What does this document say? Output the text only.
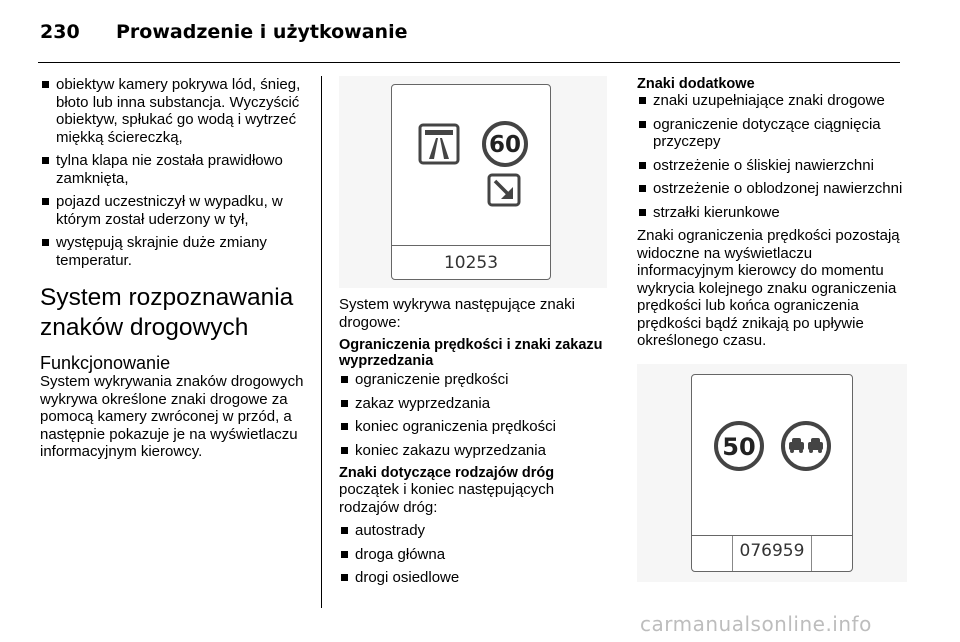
230	Prowadzenie i użytkowanie
obiektyw kamery pokrywa lód, śnieg, błoto lub inna substancja. Wyczyścić obiektyw, spłukać go wodą i wytrzeć miękką ściereczką,
tylna klapa nie została prawidłowo zamknięta,
pojazd uczestniczył w wypadku, w którym został uderzony w tył,
występują skrajnie duże zmiany temperatur.
System rozpoznawania znaków drogowych
Funkcjonowanie
System wykrywania znaków drogowych wykrywa określone znaki drogowe za pomocą kamery zwróconej w przód, a następnie pokazuje je na wyświetlaczu informacyjnym kierowcy.
60
10253
System wykrywa następujące znaki drogowe:
Ograniczenia prędkości i znaki zakazu wyprzedzania
ograniczenie prędkości
zakaz wyprzedzania
koniec ograniczenia prędkości
koniec zakazu wyprzedzania
Znaki dotyczące rodzajów dróg
początek i koniec następujących rodzajów dróg:
autostrady
droga główna
drogi osiedlowe
Znaki dodatkowe
znaki uzupełniające znaki drogowe
ograniczenie dotyczące ciągnięcia przyczepy
ostrzeżenie o śliskiej nawierzchni
ostrzeżenie o oblodzonej nawierzchni
strzałki kierunkowe
Znaki ograniczenia prędkości pozostają widoczne na wyświetlaczu informacyjnym kierowcy do momentu wykrycia kolejnego znaku ograniczenia prędkości lub końca ograniczenia prędkości bądź znikają po upływie określonego czasu.
50
076959
carmanualsonline.info
